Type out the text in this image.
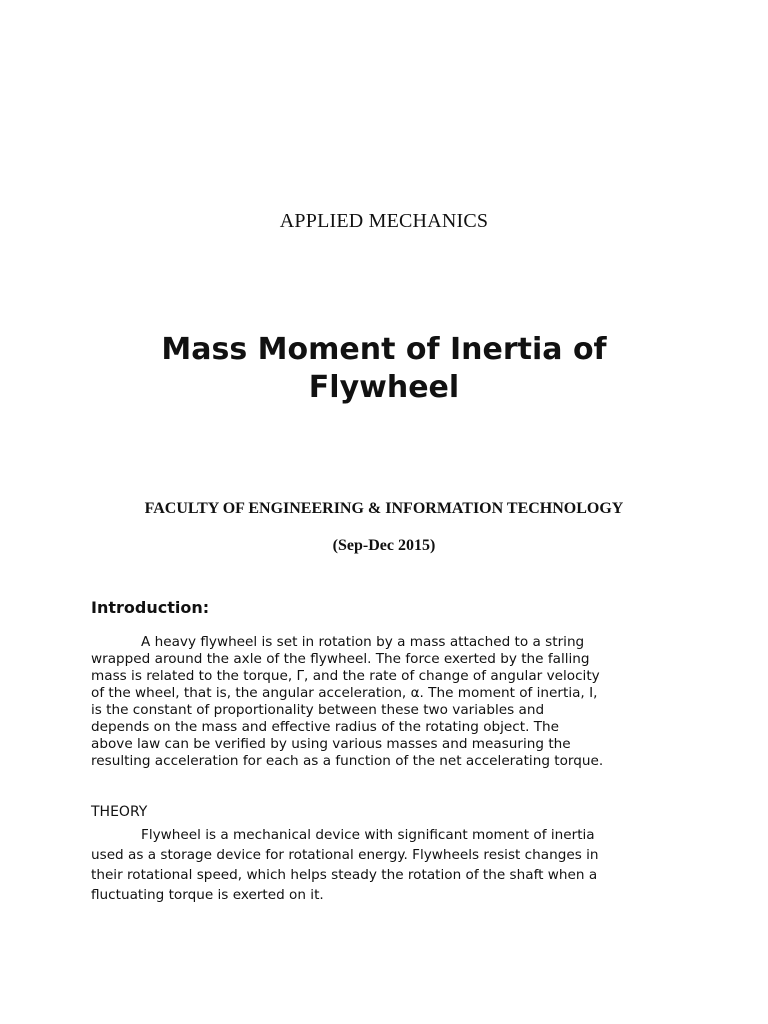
APPLIED MECHANICS
Mass Moment of Inertia of
Flywheel
FACULTY OF ENGINEERING & INFORMATION TECHNOLOGY
(Sep-Dec 2015)
Introduction:

A heavy flywheel is set in rotation by a mass attached to a string
wrapped around the axle of the flywheel. The force exerted by the falling
mass is related to the torque, Γ, and the rate of change of angular velocity
of the wheel, that is, the angular acceleration, α. The moment of inertia, I,
is the constant of proportionality between these two variables and
depends on the mass and effective radius of the rotating object. The
above law can be verified by using various masses and measuring the
resulting acceleration for each as a function of the net accelerating torque.

THEORY

Flywheel is a mechanical device with significant moment of inertia
used as a storage device for rotational energy. Flywheels resist changes in
their rotational speed, which helps steady the rotation of the shaft when a
fluctuating torque is exerted on it.
